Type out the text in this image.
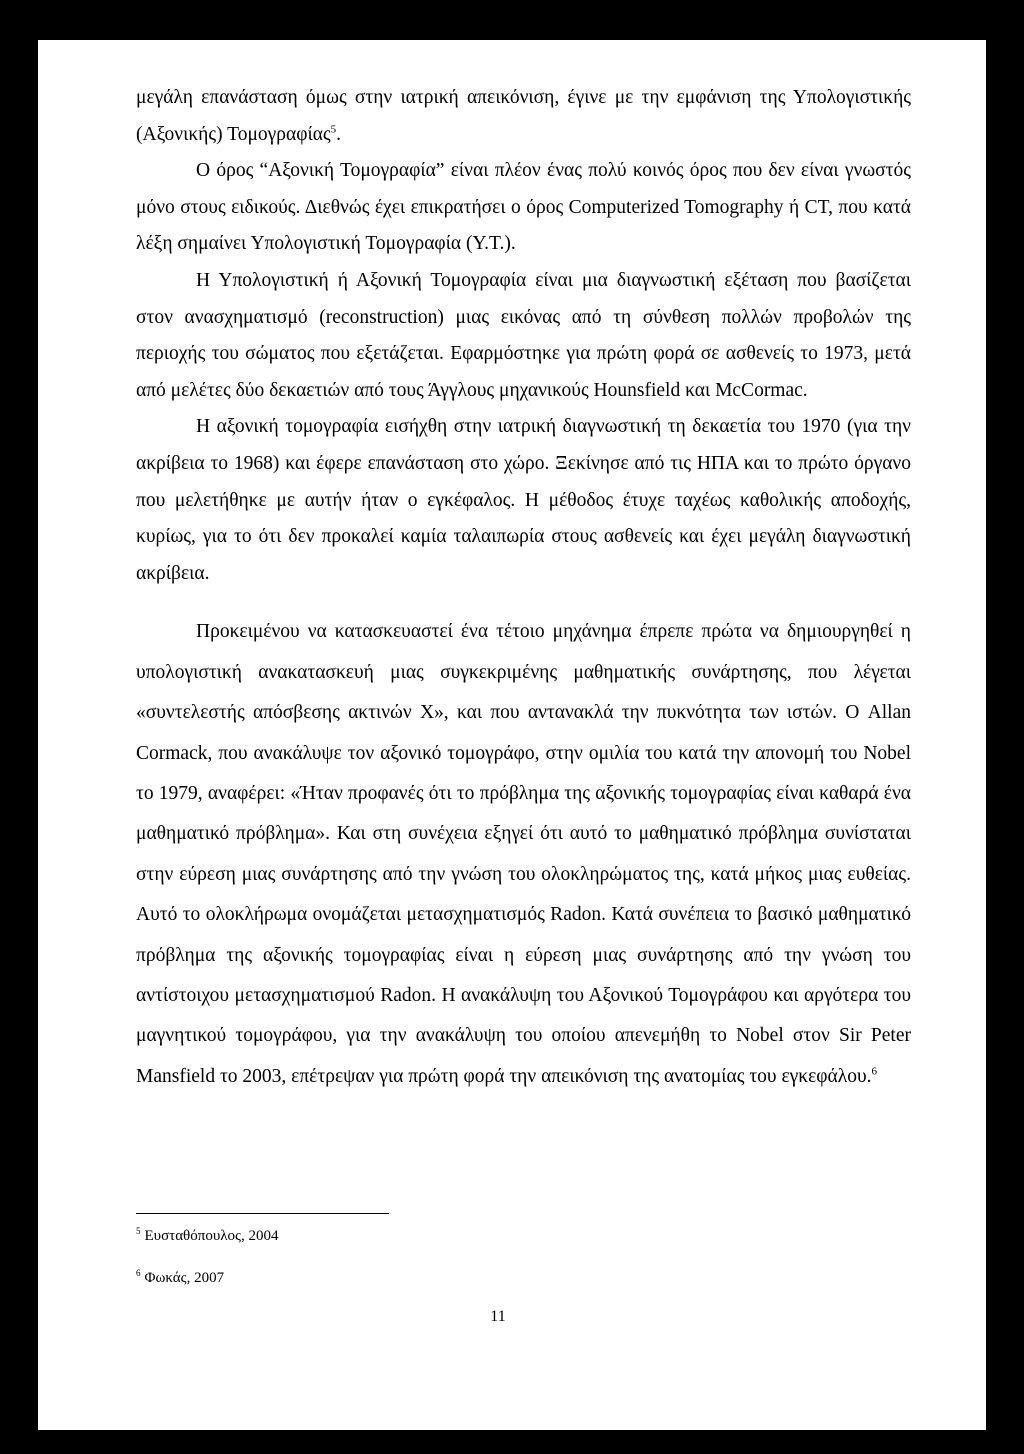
μεγάλη επανάσταση όμως στην ιατρική απεικόνιση, έγινε με την εμφάνιση της Υπολογιστικής (Αξονικής) Τομογραφίας$^5$.

Ο όρος “Αξονική Τομογραφία” είναι πλέον ένας πολύ κοινός όρος που δεν είναι γνωστός μόνο στους ειδικούς. Διεθνώς έχει επικρατήσει ο όρος Computerized Tomography ή CT, που κατά λέξη σημαίνει Υπολογιστική Τομογραφία (Υ.Τ.).

Η Υπολογιστική ή Αξονική Τομογραφία είναι μια διαγνωστική εξέταση που βασίζεται στον ανασχηματισμό (reconstruction) μιας εικόνας από τη σύνθεση πολλών προβολών της περιοχής του σώματος που εξετάζεται. Εφαρμόστηκε για πρώτη φορά σε ασθενείς το 1973, μετά από μελέτες δύο δεκαετιών από τους Άγγλους μηχανικούς Hounsfield και McCormac.

Η αξονική τομογραφία εισήχθη στην ιατρική διαγνωστική τη δεκαετία του 1970 (για την ακρίβεια το 1968) και έφερε επανάσταση στο χώρο. Ξεκίνησε από τις ΗΠΑ και το πρώτο όργανο που μελετήθηκε με αυτήν ήταν ο εγκέφαλος. Η μέθοδος έτυχε ταχέως καθολικής αποδοχής, κυρίως, για το ότι δεν προκαλεί καμία ταλαιπωρία στους ασθενείς και έχει μεγάλη διαγνωστική ακρίβεια.

Προκειμένου να κατασκευαστεί ένα τέτοιο μηχάνημα έπρεπε πρώτα να δημιουργηθεί η υπολογιστική ανακατασκευή μιας συγκεκριμένης μαθηματικής συνάρτησης, που λέγεται «συντελεστής απόσβεσης ακτινών Χ», και που αντανακλά την πυκνότητα των ιστών. Ο Allan Cormack, που ανακάλυψε τον αξονικό τομογράφο, στην ομιλία του κατά την απονομή του Nobel το 1979, αναφέρει: «Ήταν προφανές ότι το πρόβλημα της αξονικής τομογραφίας είναι καθαρά ένα μαθηματικό πρόβλημα». Και στη συνέχεια εξηγεί ότι αυτό το μαθηματικό πρόβλημα συνίσταται στην εύρεση μιας συνάρτησης από την γνώση του ολοκληρώματος της, κατά μήκος μιας ευθείας. Αυτό το ολοκλήρωμα ονομάζεται μετασχηματισμός Radon. Κατά συνέπεια το βασικό μαθηματικό πρόβλημα της αξονικής τομογραφίας είναι η εύρεση μιας συνάρτησης από την γνώση του αντίστοιχου μετασχηματισμού Radon. Η ανακάλυψη του Αξονικού Τομογράφου και αργότερα του μαγνητικού τομογράφου, για την ανακάλυψη του οποίου απενεμήθη το Nobel στον Sir Peter Mansfield το 2003, επέτρεψαν για πρώτη φορά την απεικόνιση της ανατομίας του εγκεφάλου.$^6$

$^5$ Ευσταθόπουλος, 2004
$^6$ Φωκάς, 2007
11
